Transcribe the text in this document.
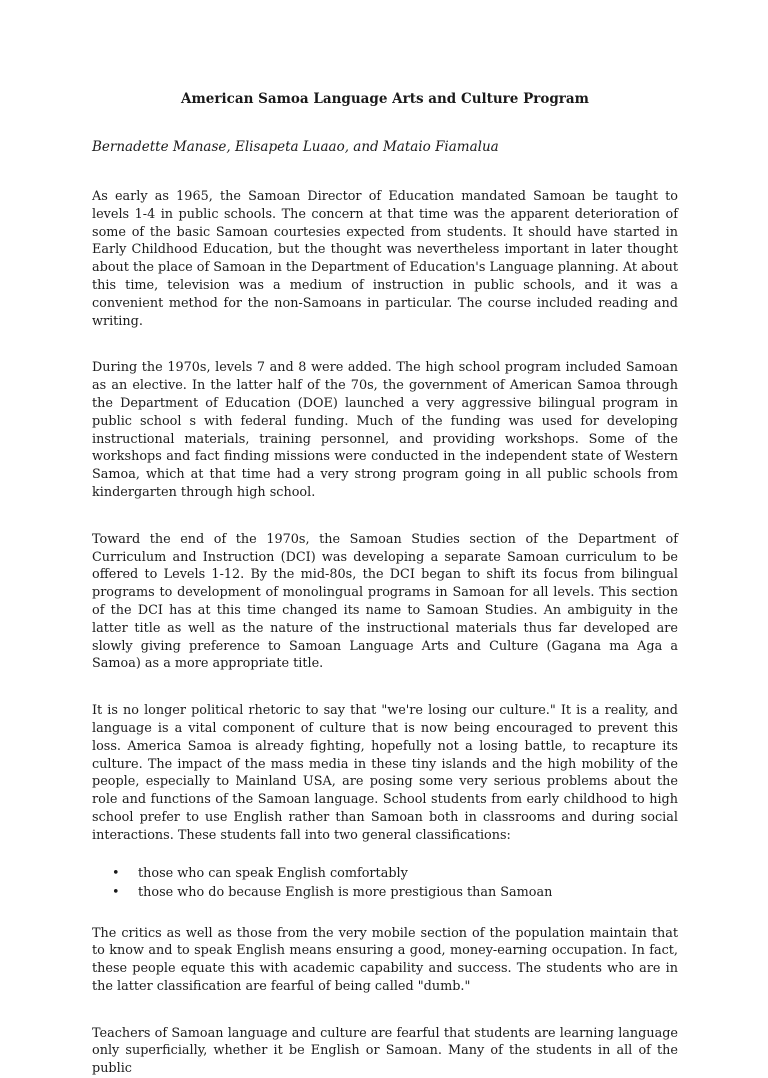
American Samoa Language Arts and Culture Program

Bernadette Manase, Elisapeta Luaao, and Mataio Fiamalua

As early as 1965, the Samoan Director of Education mandated Samoan be taught to levels 1-4 in public schools. The concern at that time was the apparent deterioration of some of the basic Samoan courtesies expected from students. It should have started in Early Childhood Education, but the thought was nevertheless important in later thought about the place of Samoan in the Department of Education's Language planning. At about this time, television was a medium of instruction in public schools, and it was a convenient method for the non-Samoans in particular. The course included reading and writing.

During the 1970s, levels 7 and 8 were added. The high school program included Samoan as an elective. In the latter half of the 70s, the government of American Samoa through the Department of Education (DOE) launched a very aggressive bilingual program in public school s with federal funding. Much of the funding was used for developing instructional materials, training personnel, and providing workshops. Some of the workshops and fact finding missions were conducted in the independent state of Western Samoa, which at that time had a very strong program going in all public schools from kindergarten through high school.

Toward the end of the 1970s, the Samoan Studies section of the Department of Curriculum and Instruction (DCI) was developing a separate Samoan curriculum to be offered to Levels 1-12. By the mid-80s, the DCI began to shift its focus from bilingual programs to development of monolingual programs in Samoan for all levels. This section of the DCI has at this time changed its name to Samoan Studies. An ambiguity in the latter title as well as the nature of the instructional materials thus far developed are slowly giving preference to Samoan Language Arts and Culture (Gagana ma Aga a Samoa) as a more appropriate title.

It is no longer political rhetoric to say that "we're losing our culture." It is a reality, and language is a vital component of culture that is now being encouraged to prevent this loss. America Samoa is already fighting, hopefully not a losing battle, to recapture its culture. The impact of the mass media in these tiny islands and the high mobility of the people, especially to Mainland USA, are posing some very serious problems about the role and functions of the Samoan language. School students from early childhood to high school prefer to use English rather than Samoan both in classrooms and during social interactions. These students fall into two general classifications:

• those who can speak English comfortably
• those who do because English is more prestigious than Samoan

The critics as well as those from the very mobile section of the population maintain that to know and to speak English means ensuring a good, money-earning occupation. In fact, these people equate this with academic capability and success. The students who are in the latter classification are fearful of being called "dumb."

Teachers of Samoan language and culture are fearful that students are learning language only superficially, whether it be English or Samoan. Many of the students in all of the public
